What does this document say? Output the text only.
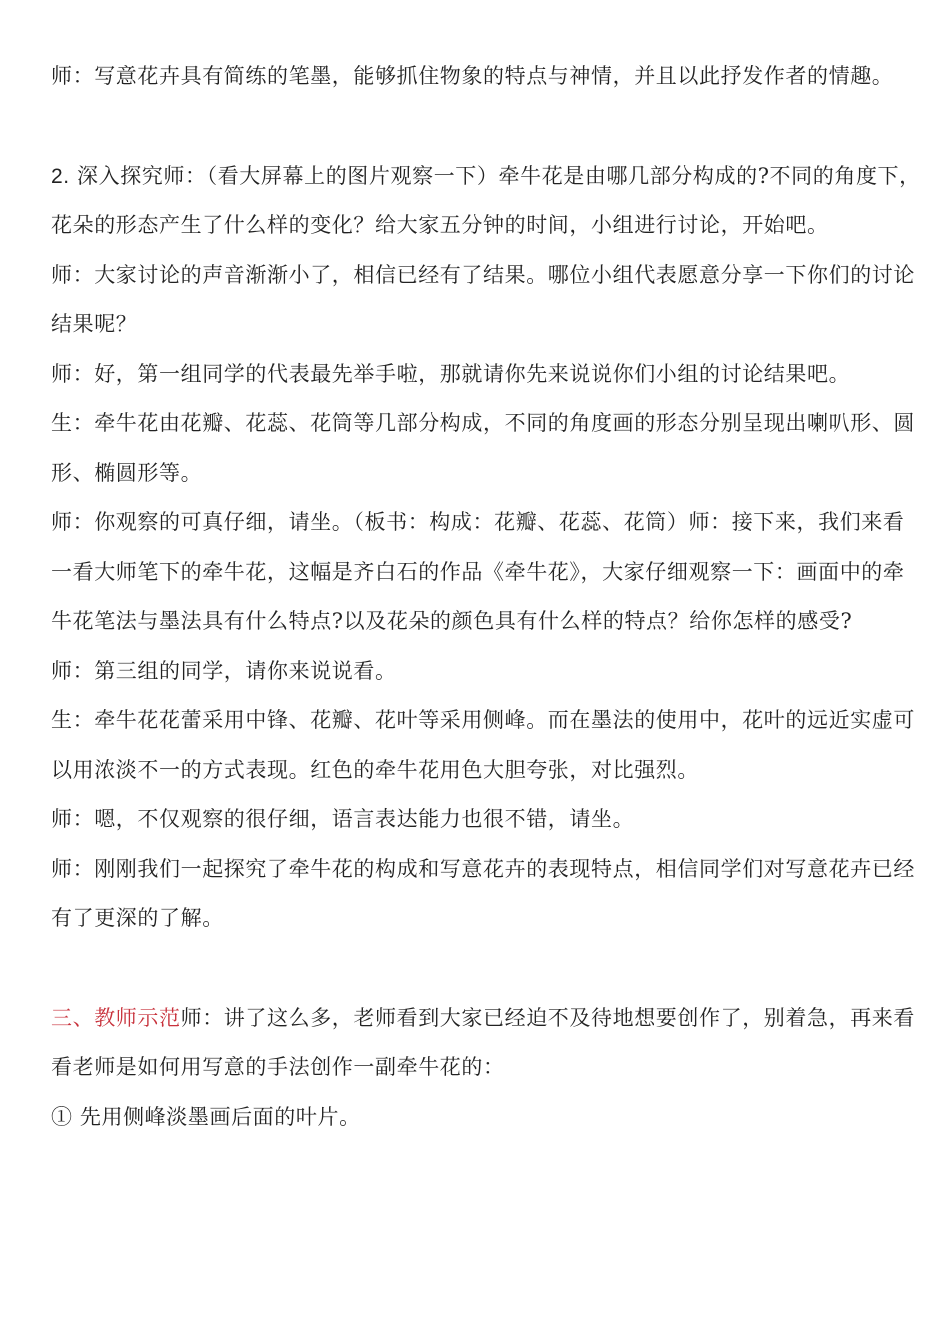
师：写意花卉具有简练的笔墨，能够抓住物象的特点与神情，并且以此抒发作者的情趣。

2. 深入探究师：（看大屏幕上的图片观察一下）牵牛花是由哪几部分构成的?不同的角度下，花朵的形态产生了什么样的变化？给大家五分钟的时间，小组进行讨论，开始吧。

师：大家讨论的声音渐渐小了，相信已经有了结果。哪位小组代表愿意分享一下你们的讨论结果呢？

师：好，第一组同学的代表最先举手啦，那就请你先来说说你们小组的讨论结果吧。

生：牵牛花由花瓣、花蕊、花筒等几部分构成，不同的角度画的形态分别呈现出喇叭形、圆形、椭圆形等。

师：你观察的可真仔细，请坐。（板书：构成：花瓣、花蕊、花筒）师：接下来，我们来看一看大师笔下的牵牛花，这幅是齐白石的作品《牵牛花》，大家仔细观察一下：画面中的牵牛花笔法与墨法具有什么特点?以及花朵的颜色具有什么样的特点？给你怎样的感受?

师：第三组的同学，请你来说说看。

生：牵牛花花蕾采用中锋、花瓣、花叶等采用侧峰。而在墨法的使用中，花叶的远近实虚可以用浓淡不一的方式表现。红色的牵牛花用色大胆夸张，对比强烈。

师：嗯，不仅观察的很仔细，语言表达能力也很不错，请坐。

师：刚刚我们一起探究了牵牛花的构成和写意花卉的表现特点，相信同学们对写意花卉已经有了更深的了解。

三、教师示范师：讲了这么多，老师看到大家已经迫不及待地想要创作了，别着急，再来看看老师是如何用写意的手法创作一副牵牛花的：

① 先用侧峰淡墨画后面的叶片。
